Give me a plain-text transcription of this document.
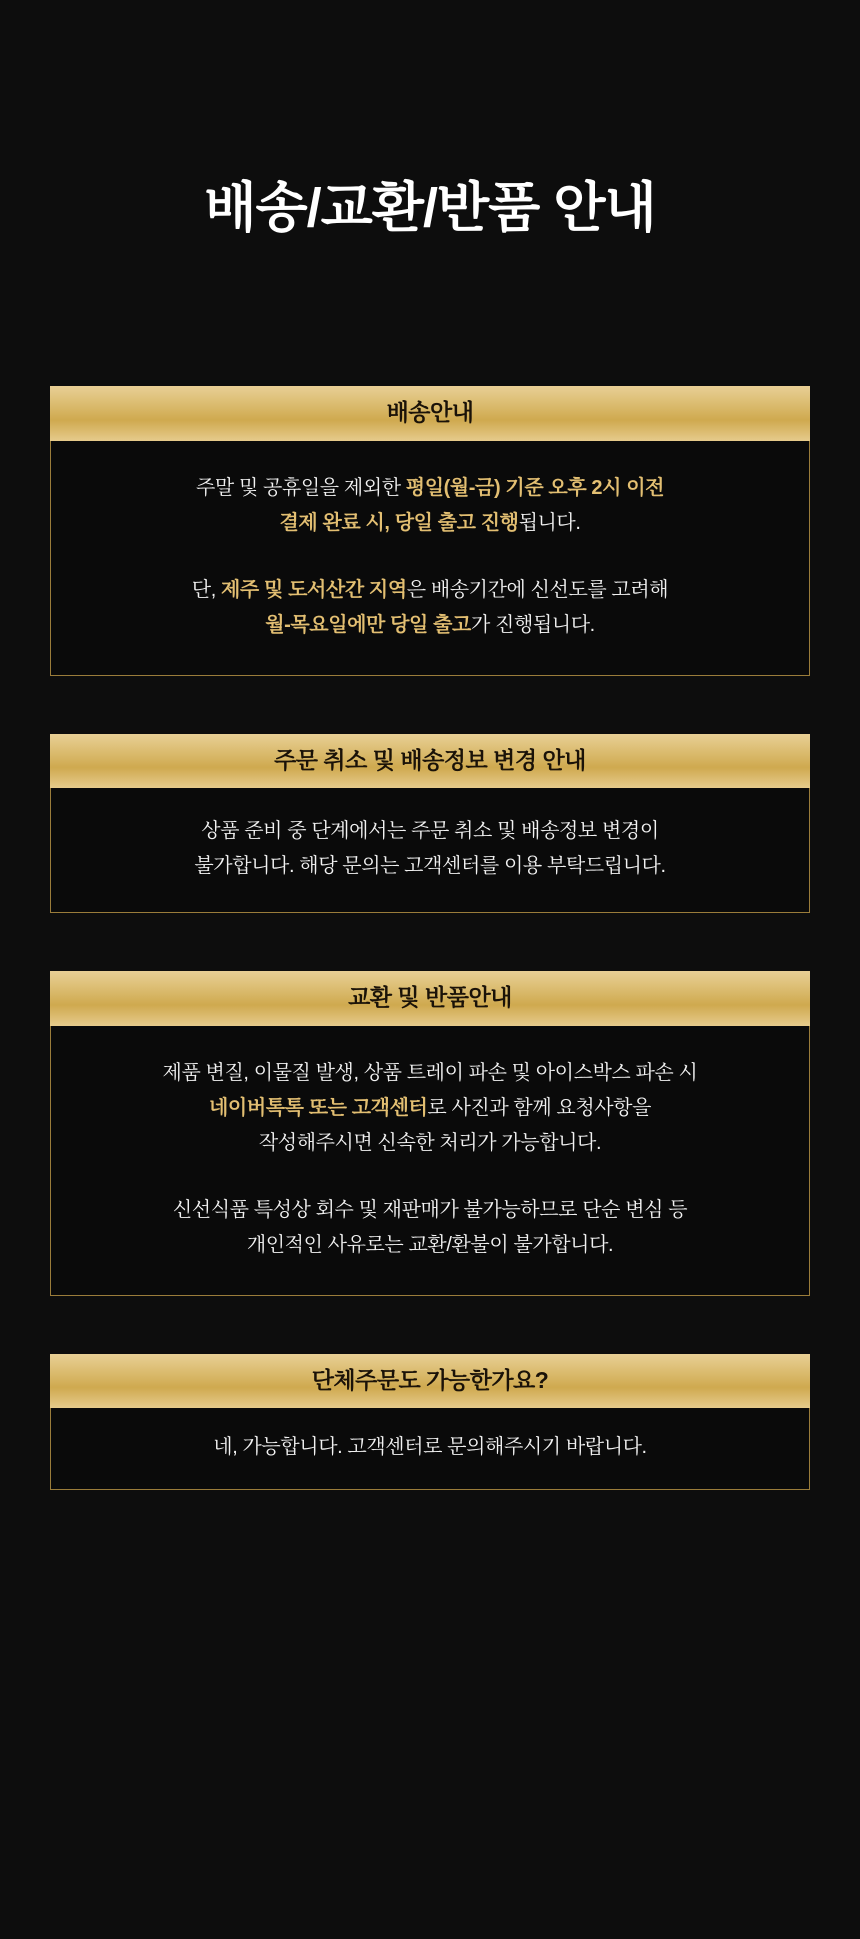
배송/교환/반품 안내
배송안내
주말 및 공휴일을 제외한 평일(월-금) 기준 오후 2시 이전
결제 완료 시, 당일 출고 진행됩니다.
단, 제주 및 도서산간 지역은 배송기간에 신선도를 고려해
월-목요일에만 당일 출고가 진행됩니다.
주문 취소 및 배송정보 변경 안내
상품 준비 중 단계에서는 주문 취소 및 배송정보 변경이
불가합니다. 해당 문의는 고객센터를 이용 부탁드립니다.
교환 및 반품안내
제품 변질, 이물질 발생, 상품 트레이 파손 및 아이스박스 파손 시
네이버톡톡 또는 고객센터로 사진과 함께 요청사항을
작성해주시면 신속한 처리가 가능합니다.
신선식품 특성상 회수 및 재판매가 불가능하므로 단순 변심 등
개인적인 사유로는 교환/환불이 불가합니다.
단체주문도 가능한가요?
네, 가능합니다. 고객센터로 문의해주시기 바랍니다.
